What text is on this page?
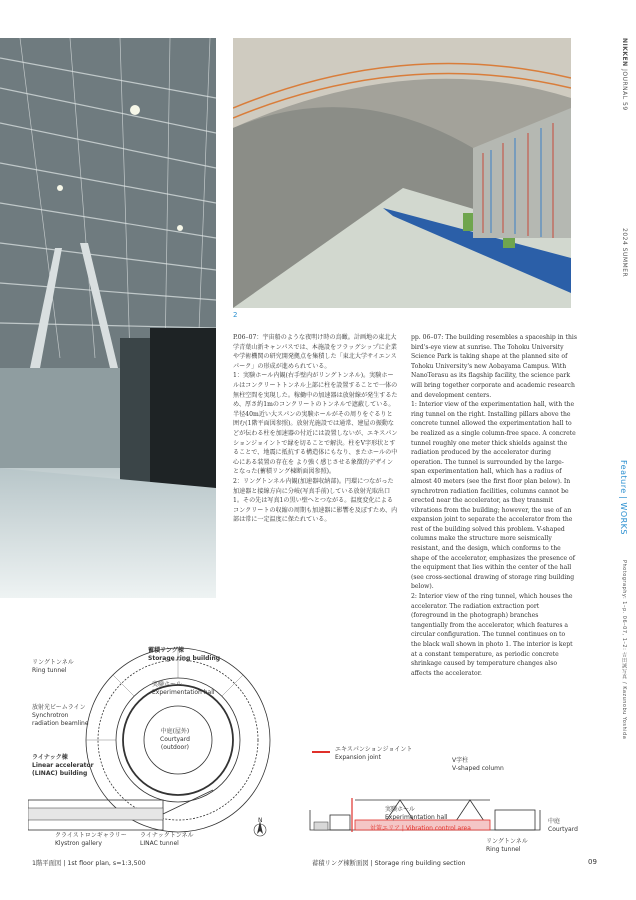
2

P.06–07：宇宙船のような夜明け時の鳥瞰。計画地の東北大学青葉山新キャンパスでは、本施設をフラッグシップに企業や学術機関の研究開発拠点を集積した「東北大学サイエンスパーク」の形成が進められている。

1：実験ホール内観(右手壁内がリングトンネル)。実験ホールはコンクリートトンネル上部に柱を設置することで一体の無柱空間を実現した。稼働中の加速器は放射線が発生するため、厚さ約1mのコンクリートのトンネルで遮蔽している。半径40m近い大スパンの実験ホールがその周りをぐるりと囲む(1階平面図参照)。放射光施設では通常、建屋の振動などが伝わる柱を加速器の付近には設置しないが、エキスパンションジョイントで縁を切ることで解決。柱をV字形状とすることで、地震に抵抗する構造体にもなり、またホールの中心にある装置の存在を より強く感じさせる象徴的デザインとなった(蓄積リング棟断面図参照)。

2：リングトンネル内観(加速器収納部)。円環につながった加速器と接線方向に分岐(写真手前)している放射光取出口1。その先は写真1の黒い壁へとつながる。温度変化によるコンクリートの収縮の周期も加速器に影響を及ぼすため、内部は常に一定温度に保たれている。

pp. 06–07: The building resembles a spaceship in this bird's-eye view at sunrise. The Tohoku University Science Park is taking shape at the planned site of Tohoku University's new Aobayama Campus. With NanoTerasu as its flagship facility, the science park will bring together corporate and academic research and development centers.

1: Interior view of the experimentation hall, with the ring tunnel on the right. Installing pillars above the concrete tunnel allowed the experimentation hall to be realized as a single column-free space. A concrete tunnel roughly one meter thick shields against the radiation produced by the accelerator during operation. The tunnel is surrounded by the large-span experimentation hall, which has a radius of almost 40 meters (see the first floor plan below). In synchrotron radiation facilities, columns cannot be erected near the accelerator, as they transmit vibrations from the building; however, the use of an expansion joint to separate the accelerator from the rest of the building solved this problem. V-shaped columns make the structure more seismically resistant, and the design, which conforms to the shape of the accelerator, emphasizes the presence of the equipment that lies within the center of the hall (see cross-sectional drawing of storage ring building below).

2: Interior view of the ring tunnel, which houses the accelerator. The radiation extraction port (foreground in the photograph) branches tangentially from the accelerator, which features a circular configuration. The tunnel continues on to the black wall shown in photo 1. The interior is kept at a constant temperature, as periodic concrete shrinkage caused by temperature changes also affects the accelerator.

NIKKEN JOURNAL 59
2024 SUMMER
Feature | WORKS
Photography: 1–p. 06–07, 1–2: 吉田誠写真 / Kazunobu Yoshida
蓄積リング棟
Storage ring building
リングトンネル
Ring tunnel
放射光ビームライン
Synchrotron
radiation beamline
ライナック棟
Linear accelerator
(LINAC) building
実験ホール
Experimentation hall
中庭(屋外)
Courtyard
(outdoor)
クライストロンギャラリー
Klystron gallery
ライナックトンネル
LINAC tunnel
N
1階平面図 | 1st floor plan, s=1:3,500
エキスパンションジョイント
Expansion joint	V字柱
V-shaped column
実験ホール
Experimentation hall
対策エリア | Vibration control area
中庭
Courtyard
リングトンネル
Ring tunnel
蓄積リング棟断面図 | Storage ring building section	09
